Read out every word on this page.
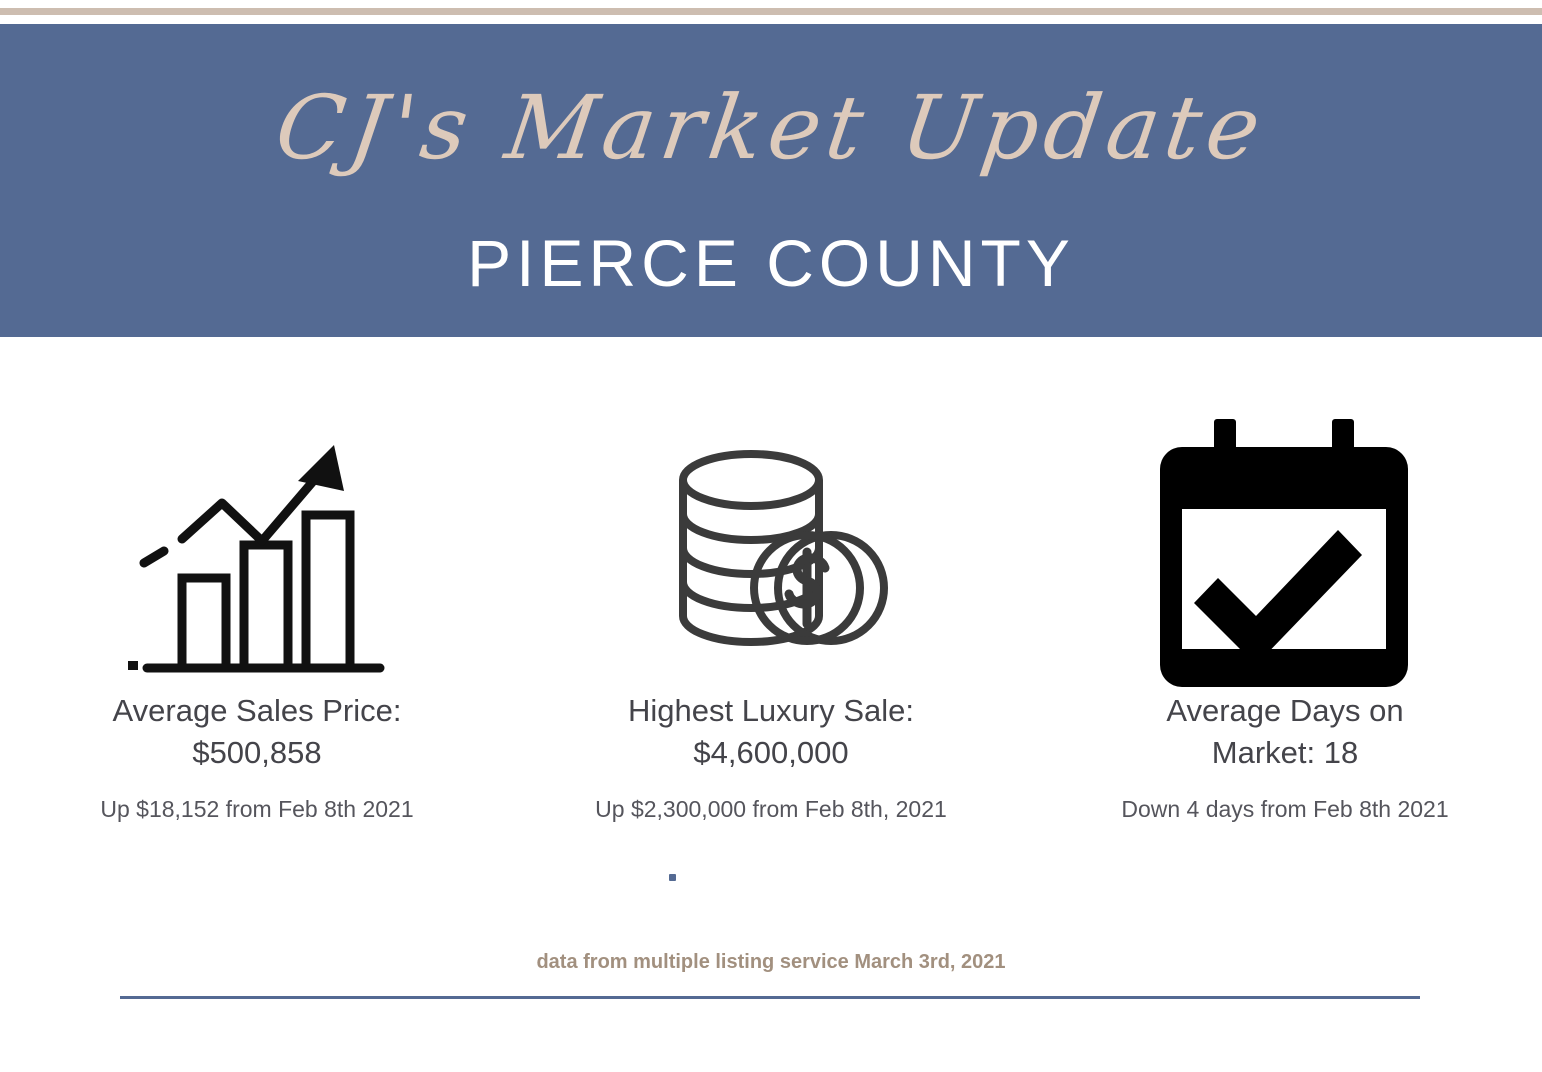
CJ's Market Update
PIERCE COUNTY
Average Sales Price:
$500,858
Up $18,152 from Feb 8th 2021
Highest Luxury Sale:
$4,600,000
Up $2,300,000 from Feb 8th, 2021
Average Days on
Market: 18
Down 4 days from Feb 8th 2021
data from multiple listing service March 3rd, 2021
